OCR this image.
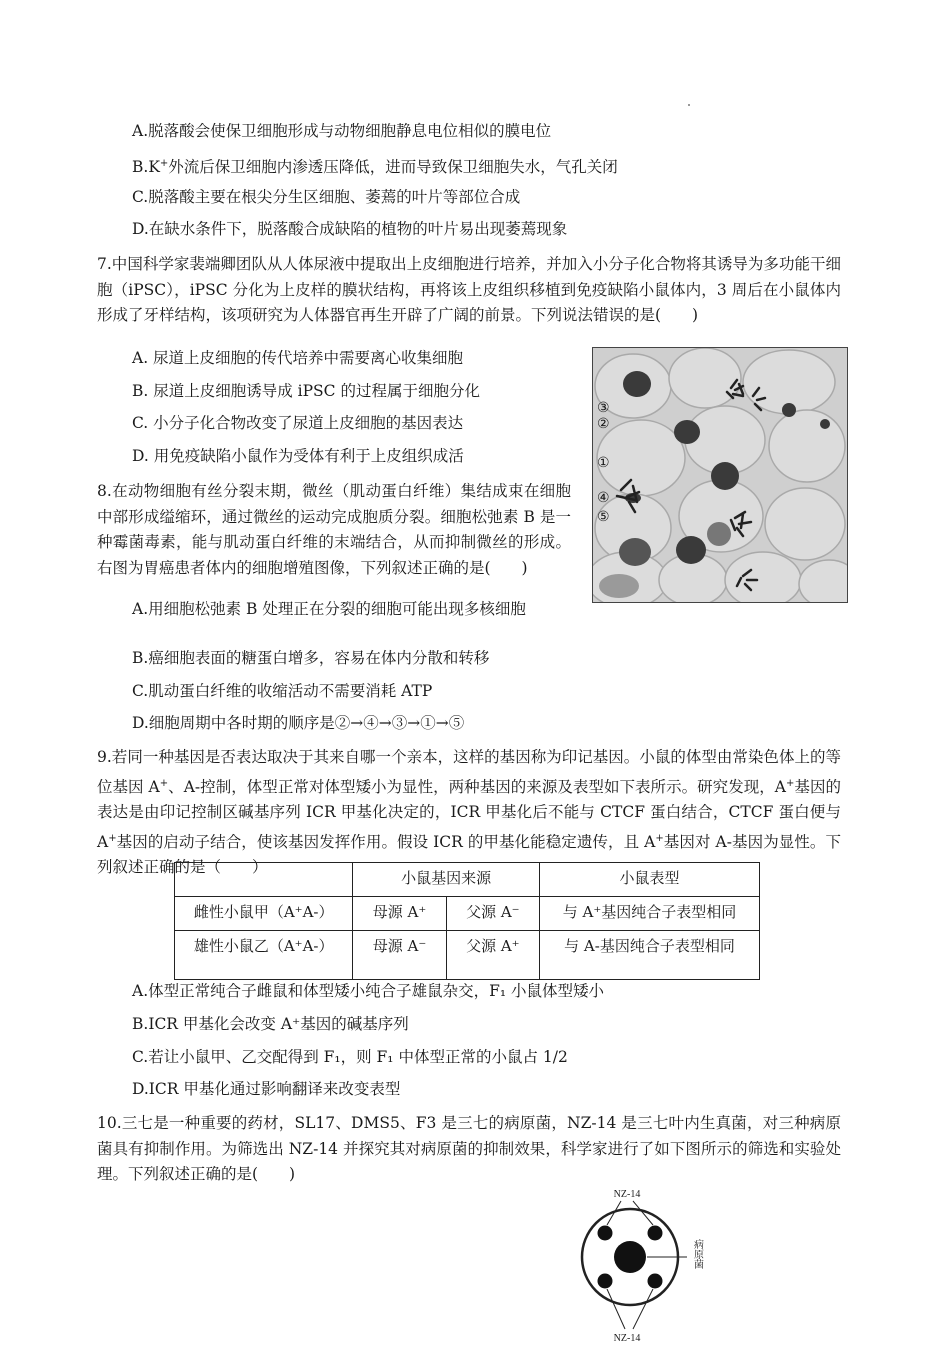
A.脱落酸会使保卫细胞形成与动物细胞静息电位相似的膜电位
B.K+外流后保卫细胞内渗透压降低，进而导致保卫细胞失水，气孔关闭
C.脱落酸主要在根尖分生区细胞、萎蔫的叶片等部位合成
D.在缺水条件下，脱落酸合成缺陷的植物的叶片易出现萎蔫现象
7.中国科学家裴端卿团队从人体尿液中提取出上皮细胞进行培养，并加入小分子化合物将其诱导为多功能干细胞（iPSC），iPSC 分化为上皮样的膜状结构，再将该上皮组织移植到免疫缺陷小鼠体内，3 周后在小鼠体内形成了牙样结构，该项研究为人体器官再生开辟了广阔的前景。下列说法错误的是(　　)
A. 尿道上皮细胞的传代培养中需要离心收集细胞
B. 尿道上皮细胞诱导成 iPSC 的过程属于细胞分化
C. 小分子化合物改变了尿道上皮细胞的基因表达
D. 用免疫缺陷小鼠作为受体有利于上皮组织成活
③
②
①
④
⑤
8.在动物细胞有丝分裂末期，微丝（肌动蛋白纤维）集结成束在细胞中部形成缢缩环，通过微丝的运动完成胞质分裂。细胞松弛素 B 是一种霉菌毒素，能与肌动蛋白纤维的末端结合，从而抑制微丝的形成。右图为胃癌患者体内的细胞增殖图像，下列叙述正确的是(　　)
A.用细胞松弛素 B 处理正在分裂的细胞可能出现多核细胞
B.癌细胞表面的糖蛋白增多，容易在体内分散和转移
C.肌动蛋白纤维的收缩活动不需要消耗 ATP
D.细胞周期中各时期的顺序是②→④→③→①→⑤
9.若同一种基因是否表达取决于其来自哪一个亲本，这样的基因称为印记基因。小鼠的体型由常染色体上的等位基因 A+、A-控制，体型正常对体型矮小为显性，两种基因的来源及表型如下表所示。研究发现，A+基因的表达是由印记控制区碱基序列 ICR 甲基化决定的，ICR 甲基化后不能与 CTCF 蛋白结合，CTCF 蛋白便与 A+基因的启动子结合，使该基因发挥作用。假设 ICR 的甲基化能稳定遗传，且 A+基因对 A-基因为显性。下列叙述正确的是（　　）
	小鼠基因来源		小鼠表型
雌性小鼠甲（A⁺A-）	母源 A⁺	父源 A⁻	与 A⁺基因纯合子表型相同
雄性小鼠乙（A⁺A-）	母源 A⁻	父源 A⁺	与 A-基因纯合子表型相同
A.体型正常纯合子雌鼠和体型矮小纯合子雄鼠杂交，F₁ 小鼠体型矮小
B.ICR 甲基化会改变 A⁺基因的碱基序列
C.若让小鼠甲、乙交配得到 F₁，则 F₁ 中体型正常的小鼠占 1/2
D.ICR 甲基化通过影响翻译来改变表型
10.三七是一种重要的药材，SL17、DMS5、F3 是三七的病原菌，NZ-14 是三七叶内生真菌，对三种病原菌具有抑制作用。为筛选出 NZ-14 并探究其对病原菌的抑制效果，科学家进行了如下图所示的筛选和实验处理。下列叙述正确的是(　　)
NZ-14
NZ-14
病原菌
